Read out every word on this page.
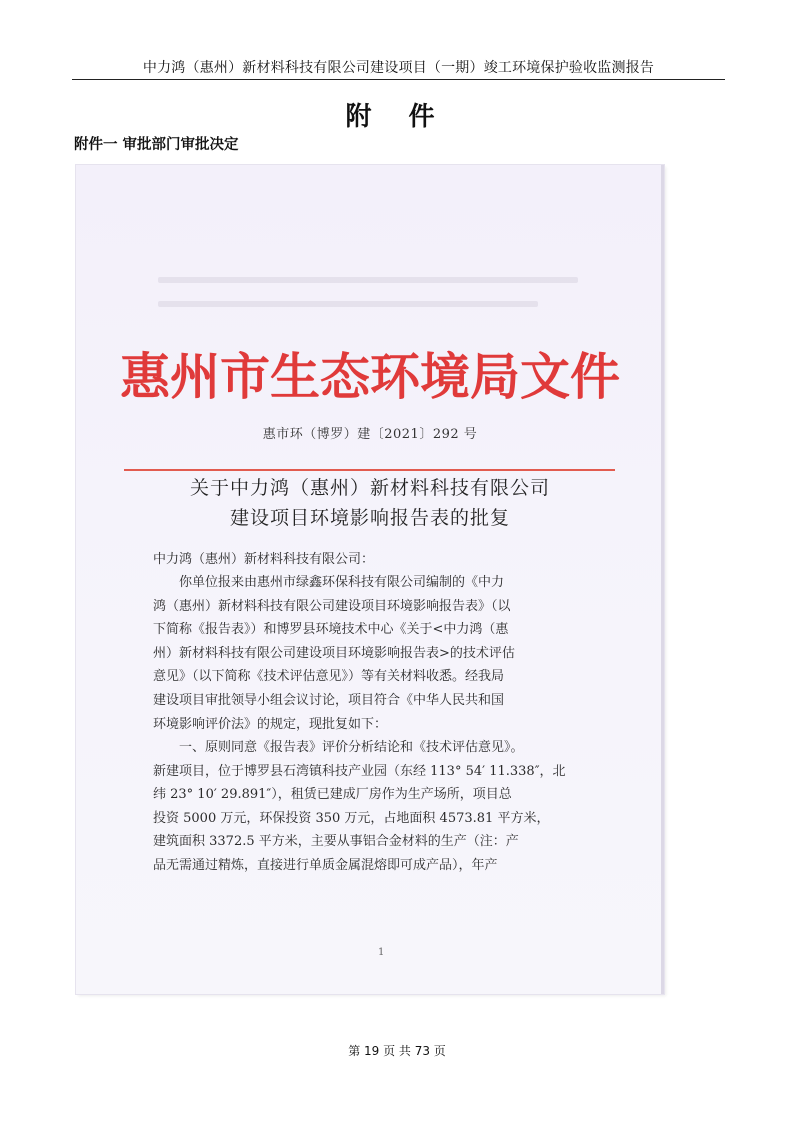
中力鸿（惠州）新材料科技有限公司建设项目（一期）竣工环境保护验收监测报告
附 件
附件一 审批部门审批决定
惠州市生态环境局文件
惠市环（博罗）建〔2021〕292 号
关于中力鸿（惠州）新材料科技有限公司
建设项目环境影响报告表的批复
中力鸿（惠州）新材料科技有限公司：
你单位报来由惠州市绿鑫环保科技有限公司编制的《中力
鸿（惠州）新材料科技有限公司建设项目环境影响报告表》（以
下简称《报告表》）和博罗县环境技术中心《关于<中力鸿（惠
州）新材料科技有限公司建设项目环境影响报告表>的技术评估
意见》（以下简称《技术评估意见》）等有关材料收悉。经我局
建设项目审批领导小组会议讨论，项目符合《中华人民共和国
环境影响评价法》的规定，现批复如下：
一、原则同意《报告表》评价分析结论和《技术评估意见》。
新建项目，位于博罗县石湾镇科技产业园（东经 113° 54′ 11.338″，北
纬 23° 10′ 29.891″），租赁已建成厂房作为生产场所，项目总
投资 5000 万元，环保投资 350 万元，占地面积 4573.81 平方米，
建筑面积 3372.5 平方米，主要从事铝合金材料的生产（注：产
品无需通过精炼，直接进行单质金属混熔即可成产品），年产
1
第 19 页 共 73 页
